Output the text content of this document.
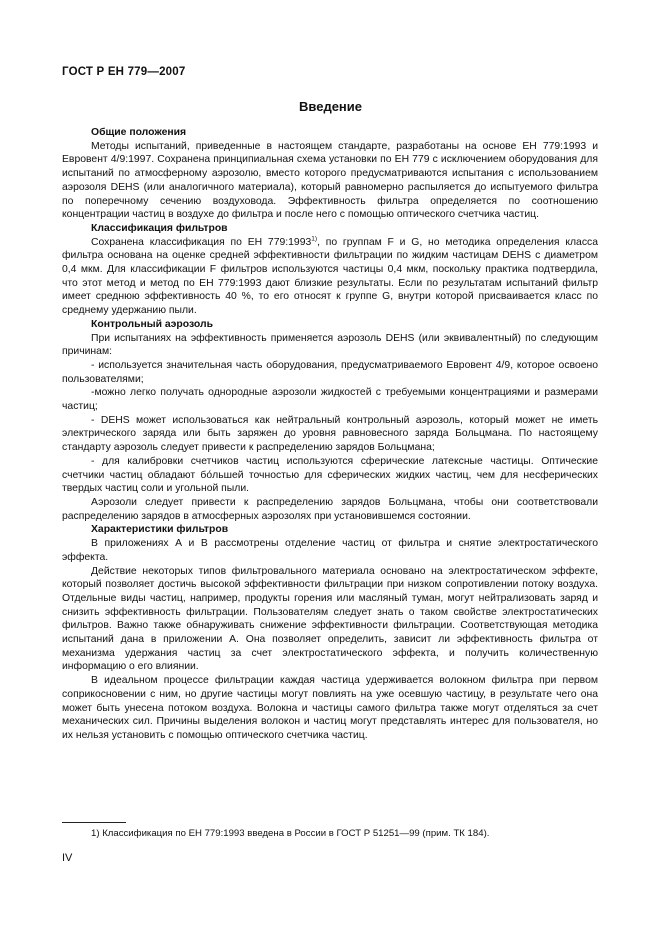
ГОСТ Р ЕН 779—2007
Введение

Общие положения

Методы испытаний, приведенные в настоящем стандарте, разработаны на основе ЕН 779:1993 и Евровент 4/9:1997. Сохранена принципиальная схема установки по ЕН 779 с исключением оборудования для испытаний по атмосферному аэрозолю, вместо которого предусматриваются испытания с использованием аэрозоля DEHS (или аналогичного материала), который равномерно распыляется до испытуемого фильтра по поперечному сечению воздуховода. Эффективность фильтра определяется по соотношению концентрации частиц в воздухе до фильтра и после него с помощью оптического счетчика частиц.

Классификация фильтров

Сохранена классификация по ЕН 779:1993$^{1)}$, по группам F и G, но методика определения класса фильтра основана на оценке средней эффективности фильтрации по жидким частицам DEHS с диаметром 0,4 мкм. Для классификации F фильтров используются частицы 0,4 мкм, поскольку практика подтвердила, что этот метод и метод по ЕН 779:1993 дают близкие результаты. Если по результатам испытаний фильтр имеет среднюю эффективность 40 %, то его относят к группе G, внутри которой присваивается класс по среднему удержанию пыли.

Контрольный аэрозоль

При испытаниях на эффективность применяется аэрозоль DEHS (или эквивалентный) по следующим причинам:

- используется значительная часть оборудования, предусматриваемого Евровент 4/9, которое освоено пользователями;

-можно легко получать однородные аэрозоли жидкостей с требуемыми концентрациями и размерами частиц;

- DEHS может использоваться как нейтральный контрольный аэрозоль, который может не иметь электрического заряда или быть заряжен до уровня равновесного заряда Больцмана. По настоящему стандарту аэрозоль следует привести к распределению зарядов Больцмана;

- для калибровки счетчиков частиц используются сферические латексные частицы. Оптические счетчики частиц обладают бо́льшей точностью для сферических жидких частиц, чем для несферических твердых частиц соли и угольной пыли.

Аэрозоли следует привести к распределению зарядов Больцмана, чтобы они соответствовали распределению зарядов в атмосферных аэрозолях при установившемся состоянии.

Характеристики фильтров

В приложениях А и В рассмотрены отделение частиц от фильтра и снятие электростатического эффекта.

Действие некоторых типов фильтровального материала основано на электростатическом эффекте, который позволяет достичь высокой эффективности фильтрации при низком сопротивлении потоку воздуха. Отдельные виды частиц, например, продукты горения или масляный туман, могут нейтрализовать заряд и снизить эффективность фильтрации. Пользователям следует знать о таком свойстве электростатических фильтров. Важно также обнаруживать снижение эффективности фильтрации. Соответствующая методика испытаний дана в приложении А. Она позволяет определить, зависит ли эффективность фильтра от механизма удержания частиц за счет электростатического эффекта, и получить количественную информацию о его влиянии.

В идеальном процессе фильтрации каждая частица удерживается волокном фильтра при первом соприкосновении с ним, но другие частицы могут повлиять на уже осевшую частицу, в результате чего она может быть унесена потоком воздуха. Волокна и частицы самого фильтра также могут отделяться за счет механических сил. Причины выделения волокон и частиц могут представлять интерес для пользователя, но их нельзя установить с помощью оптического счетчика частиц.

1) Классификация по ЕН 779:1993 введена в России в ГОСТ Р 51251—99 (прим. ТК 184).
IV
